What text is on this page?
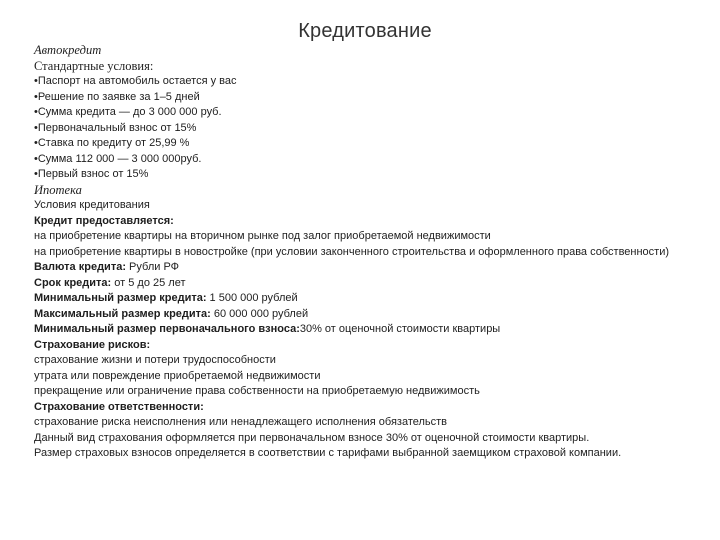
Кредитование

Автокредит

Стандартные условия:

•Паспорт на автомобиль остается у вас

•Решение по заявке за 1–5 дней

•Сумма кредита — до 3 000 000 руб.

•Первоначальный взнос от 15%

•Ставка по кредиту от 25,99 %

•Сумма 112 000 — 3 000 000руб.

•Первый взнос от 15%

Ипотека

Условия кредитования

Кредит предоставляется:

на приобретение квартиры на вторичном рынке под залог приобретаемой недвижимости

на приобретение квартиры в новостройке (при условии законченного строительства и оформленного права собственности)

Валюта кредита: Рубли РФ

Срок кредита: от 5 до 25 лет

Минимальный размер кредита: 1 500 000 рублей

Максимальный размер кредита: 60 000 000 рублей

Минимальный размер первоначального взноса:30% от оценочной стоимости квартиры

Страхование рисков:

страхование жизни и потери трудоспособности

утрата или повреждение приобретаемой недвижимости

прекращение или ограничение права собственности на приобретаемую недвижимость

Страхование ответственности:

страхование риска неисполнения или ненадлежащего исполнения обязательств

Данный вид страхования оформляется при первоначальном взносе 30% от оценочной стоимости квартиры.

Размер страховых взносов определяется в соответствии с тарифами выбранной заемщиком страховой компании.
